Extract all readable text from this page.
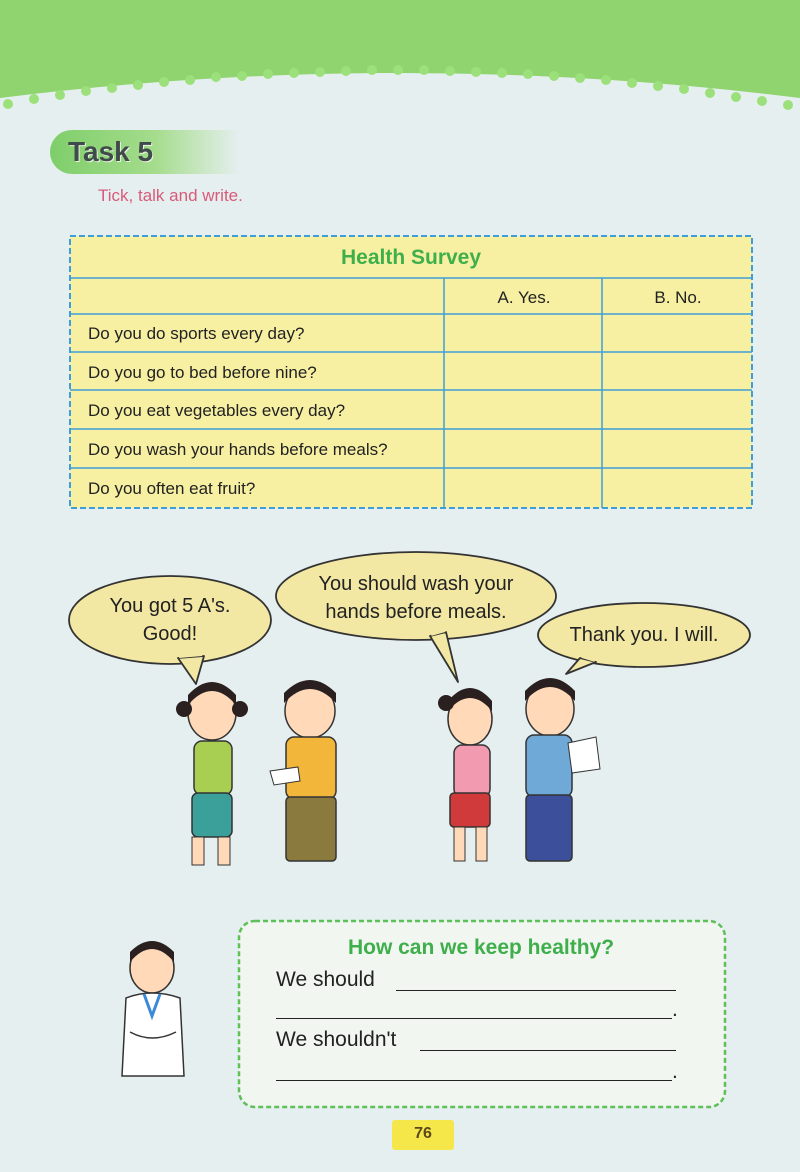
Task 5
Tick, talk and write.
Health Survey
A. Yes.	B. No.
Do you do sports every day?
Do you go to bed before nine?
Do you eat vegetables every day?
Do you wash your hands before meals?
Do you often eat fruit?
You got 5 A's.
Good!
You should wash your
hands before meals.
Thank you. I will.
How can we keep healthy?
We should
.
We shouldn't
.
76
